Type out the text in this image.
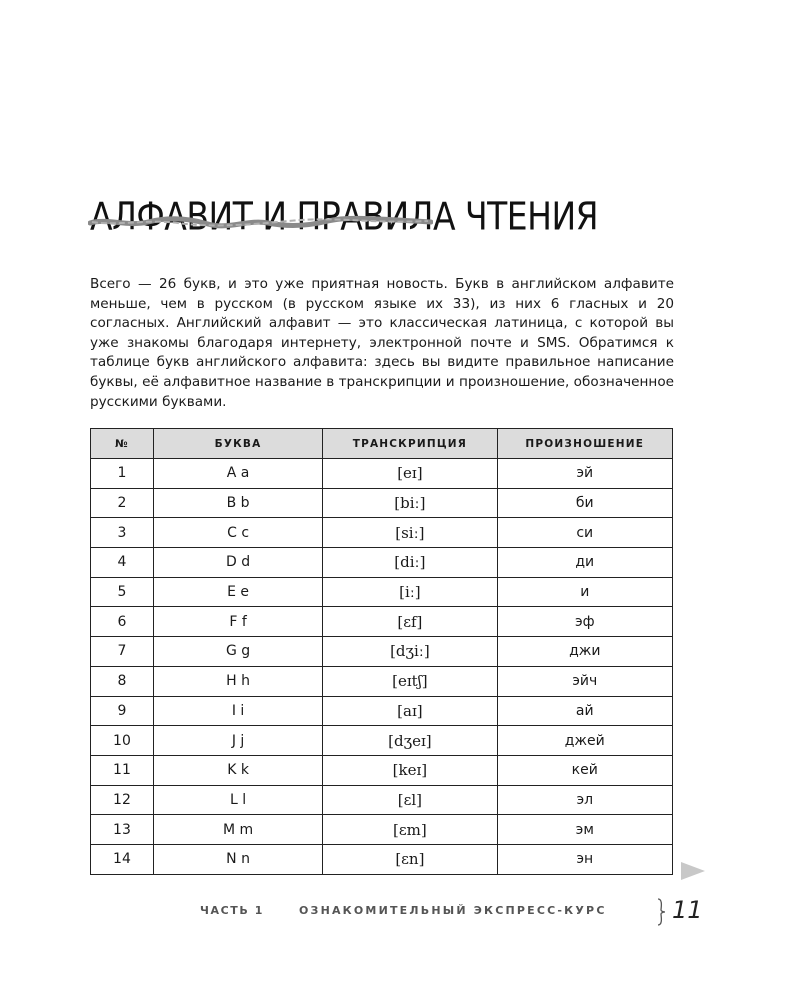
АЛФАВИТ И ПРАВИЛА ЧТЕНИЯ

Всего — 26 букв, и это уже приятная новость. Букв в английском алфавите меньше, чем в русском (в русском языке их 33), из них 6 гласных и 20 согласных. Английский алфавит — это классическая латиница, с которой вы уже знакомы благодаря интернету, электронной почте и SMS. Обратимся к таблице букв английского алфавита: здесь вы видите правильное написание буквы, её алфавитное название в транскрипции и произношение, обозначенное русскими буквами.

№	БУКВА	ТРАНСКРИПЦИЯ	ПРОИЗНОШЕНИЕ
1	A a	[eɪ]	эй
2	B b	[biː]	би
3	C c	[siː]	си
4	D d	[diː]	ди
5	E e	[iː]	и
6	F f	[ɛf]	эф
7	G g	[dʒiː]	джи
8	H h	[eɪtʃ]	эйч
9	I i	[aɪ]	ай
10	J j	[dʒeɪ]	джей
11	K k	[keɪ]	кей
12	L l	[ɛl]	эл
13	M m	[ɛm]	эм
14	N n	[ɛn]	эн
ЧАСТЬ 1	ОЗНАКОМИТЕЛЬНЫЙ ЭКСПРЕСС-КУРС	11
